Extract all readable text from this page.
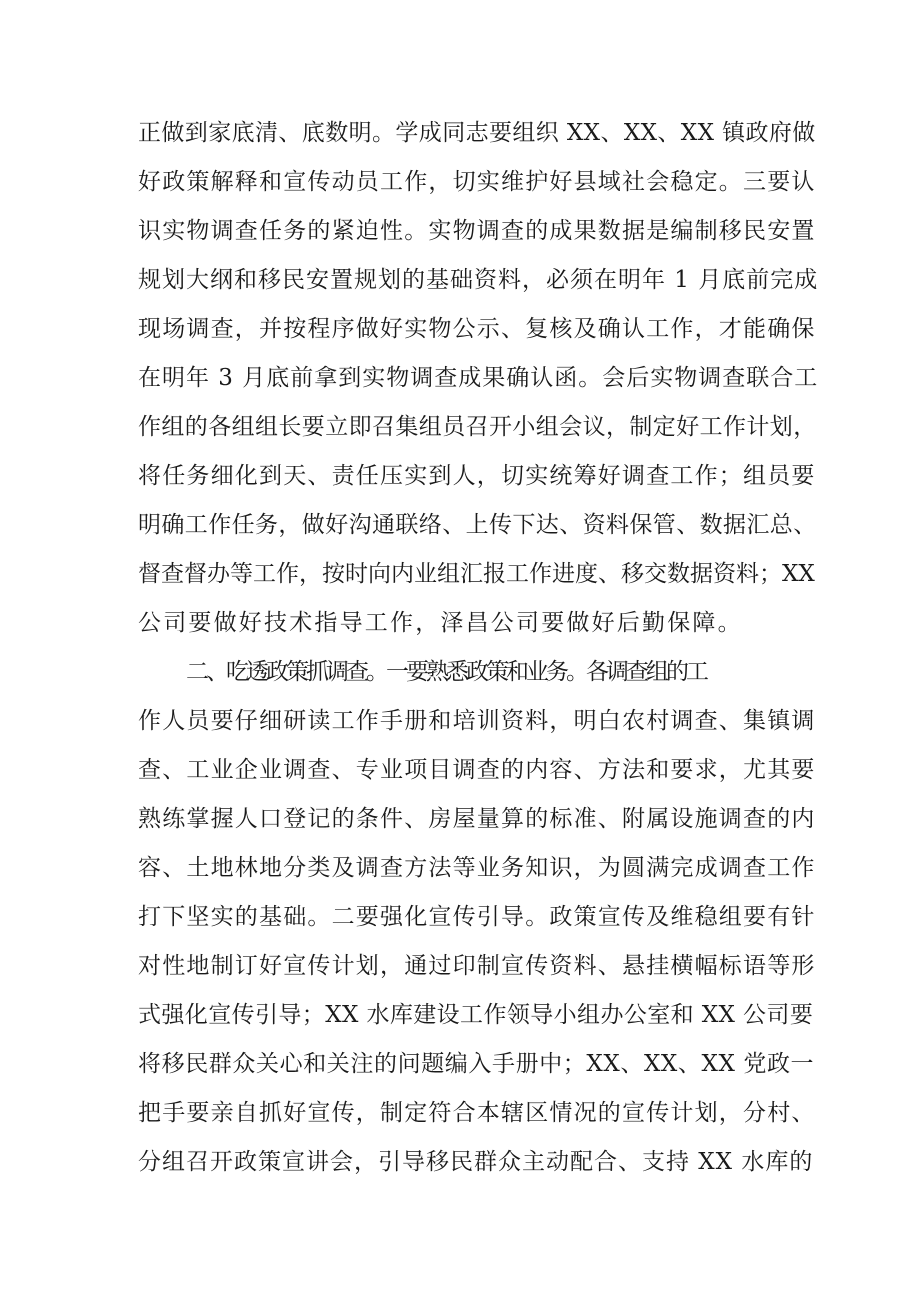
正做到家底清、底数明。学成同志要组织 XX、XX、XX 镇政府做
好政策解释和宣传动员工作，切实维护好县域社会稳定。三要认
识实物调查任务的紧迫性。实物调查的成果数据是编制移民安置
规划大纲和移民安置规划的基础资料，必须在明年 1 月底前完成
现场调查，并按程序做好实物公示、复核及确认工作，才能确保
在明年 3 月底前拿到实物调查成果确认函。会后实物调查联合工
作组的各组组长要立即召集组员召开小组会议，制定好工作计划，
将任务细化到天、责任压实到人，切实统筹好调查工作；组员要
明确工作任务，做好沟通联络、上传下达、资料保管、数据汇总、
督查督办等工作，按时向内业组汇报工作进度、移交数据资料；XX
公司要做好技术指导工作，泽昌公司要做好后勤保障。
二、吃透政策抓调查。一要熟悉政策和业务。各调查组的工
作人员要仔细研读工作手册和培训资料，明白农村调查、集镇调
查、工业企业调查、专业项目调查的内容、方法和要求，尤其要
熟练掌握人口登记的条件、房屋量算的标准、附属设施调查的内
容、土地林地分类及调查方法等业务知识，为圆满完成调查工作
打下坚实的基础。二要强化宣传引导。政策宣传及维稳组要有针
对性地制订好宣传计划，通过印制宣传资料、悬挂横幅标语等形
式强化宣传引导；XX 水库建设工作领导小组办公室和 XX 公司要
将移民群众关心和关注的问题编入手册中；XX、XX、XX 党政一
把手要亲自抓好宣传，制定符合本辖区情况的宣传计划，分村、
分组召开政策宣讲会，引导移民群众主动配合、支持 XX 水库的
